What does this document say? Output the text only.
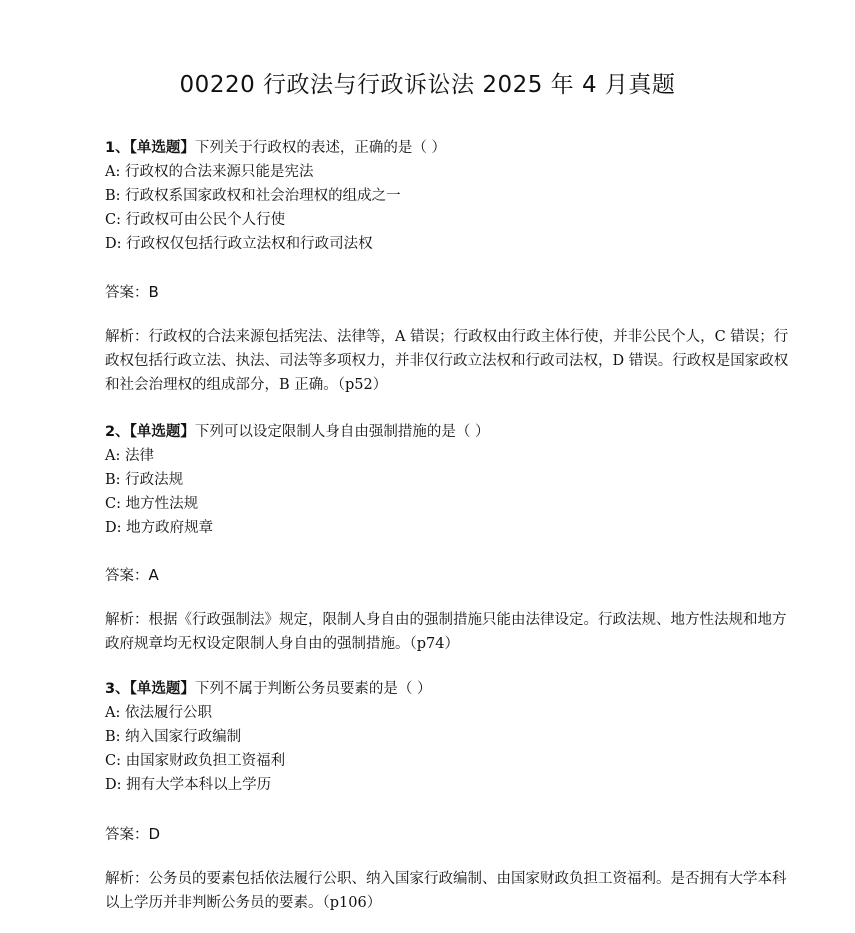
00220 行政法与行政诉讼法 2025 年 4 月真题
1、【单选题】下列关于行政权的表述，正确的是（ ）
A: 行政权的合法来源只能是宪法
B: 行政权系国家政权和社会治理权的组成之一
C: 行政权可由公民个人行使
D: 行政权仅包括行政立法权和行政司法权
答案：B
解析：行政权的合法来源包括宪法、法律等，A 错误；行政权由行政主体行使，并非公民个人，C 错误；行政权包括行政立法、执法、司法等多项权力，并非仅行政立法权和行政司法权，D 错误。行政权是国家政权和社会治理权的组成部分，B 正确。（p52）
2、【单选题】下列可以设定限制人身自由强制措施的是（ ）
A: 法律
B: 行政法规
C: 地方性法规
D: 地方政府规章
答案：A
解析：根据《行政强制法》规定，限制人身自由的强制措施只能由法律设定。行政法规、地方性法规和地方政府规章均无权设定限制人身自由的强制措施。（p74）
3、【单选题】下列不属于判断公务员要素的是（ ）
A: 依法履行公职
B: 纳入国家行政编制
C: 由国家财政负担工资福利
D: 拥有大学本科以上学历
答案：D
解析：公务员的要素包括依法履行公职、纳入国家行政编制、由国家财政负担工资福利。是否拥有大学本科以上学历并非判断公务员的要素。（p106）
